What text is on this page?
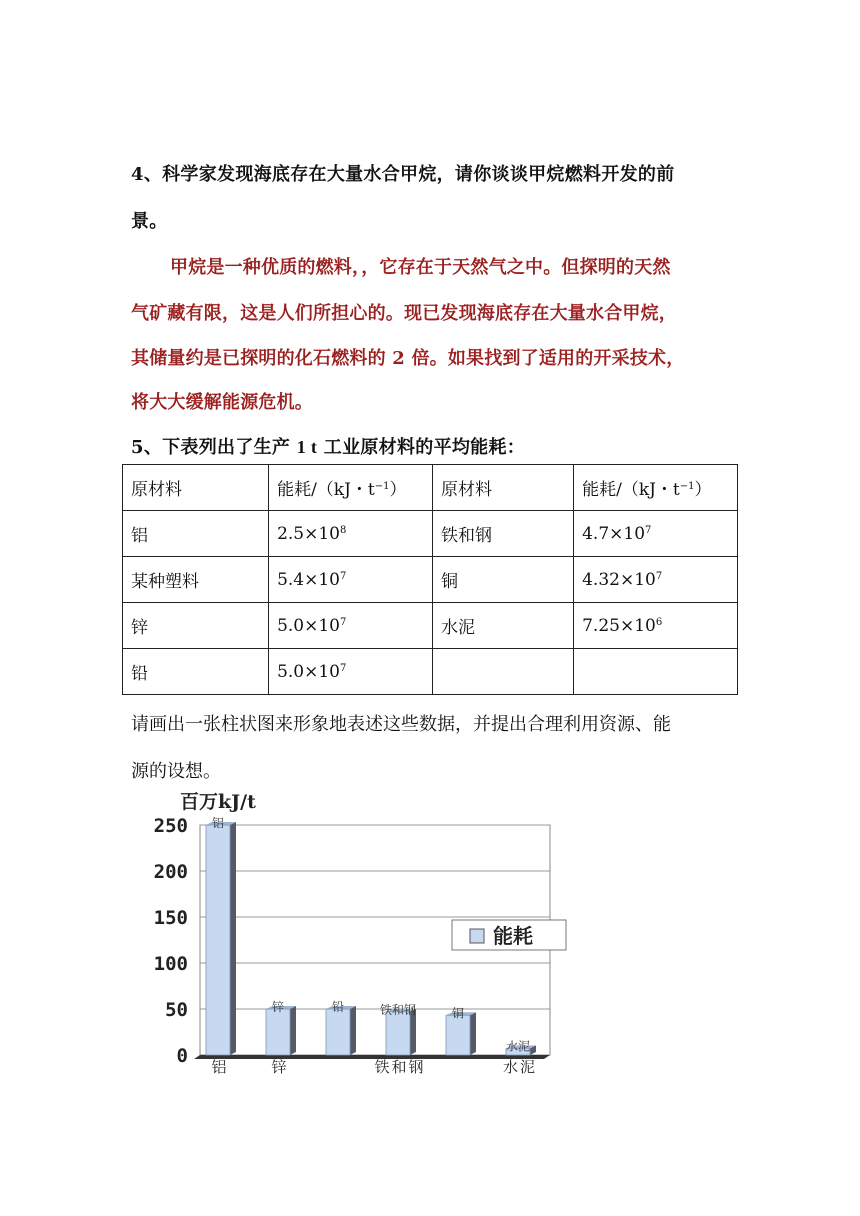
4、科学家发现海底存在大量水合甲烷，请你谈谈甲烷燃料开发的前
景。
甲烷是一种优质的燃料，，它存在于天然气之中。但探明的天然
气矿藏有限，这是人们所担心的。现已发现海底存在大量水合甲烷，
其储量约是已探明的化石燃料的 2 倍。如果找到了适用的开采技术，
将大大缓解能源危机。
5、下表列出了生产 1 t 工业原材料的平均能耗：
原材料	能耗/（kJ・$t^{-1}$）	原材料	能耗/（kJ・$t^{-1}$）
铝	$2.5\times 10^8$	铁和钢	$4.7\times 10^7$
某种塑料	$5.4\times 10^7$	铜	$4.32\times 10^7$
锌	$5.0\times 10^7$	水泥	$7.25\times 10^6$
铅	$5.0\times 10^7$		
请画出一张柱状图来形象地表述这些数据，并提出合理利用资源、能
源的设想。
百万kJ/t
0
50
100
150
200
250 铝
铝
锌
锌
铅	铁和钢
铁和钢
铜
水泥
水泥
能耗
